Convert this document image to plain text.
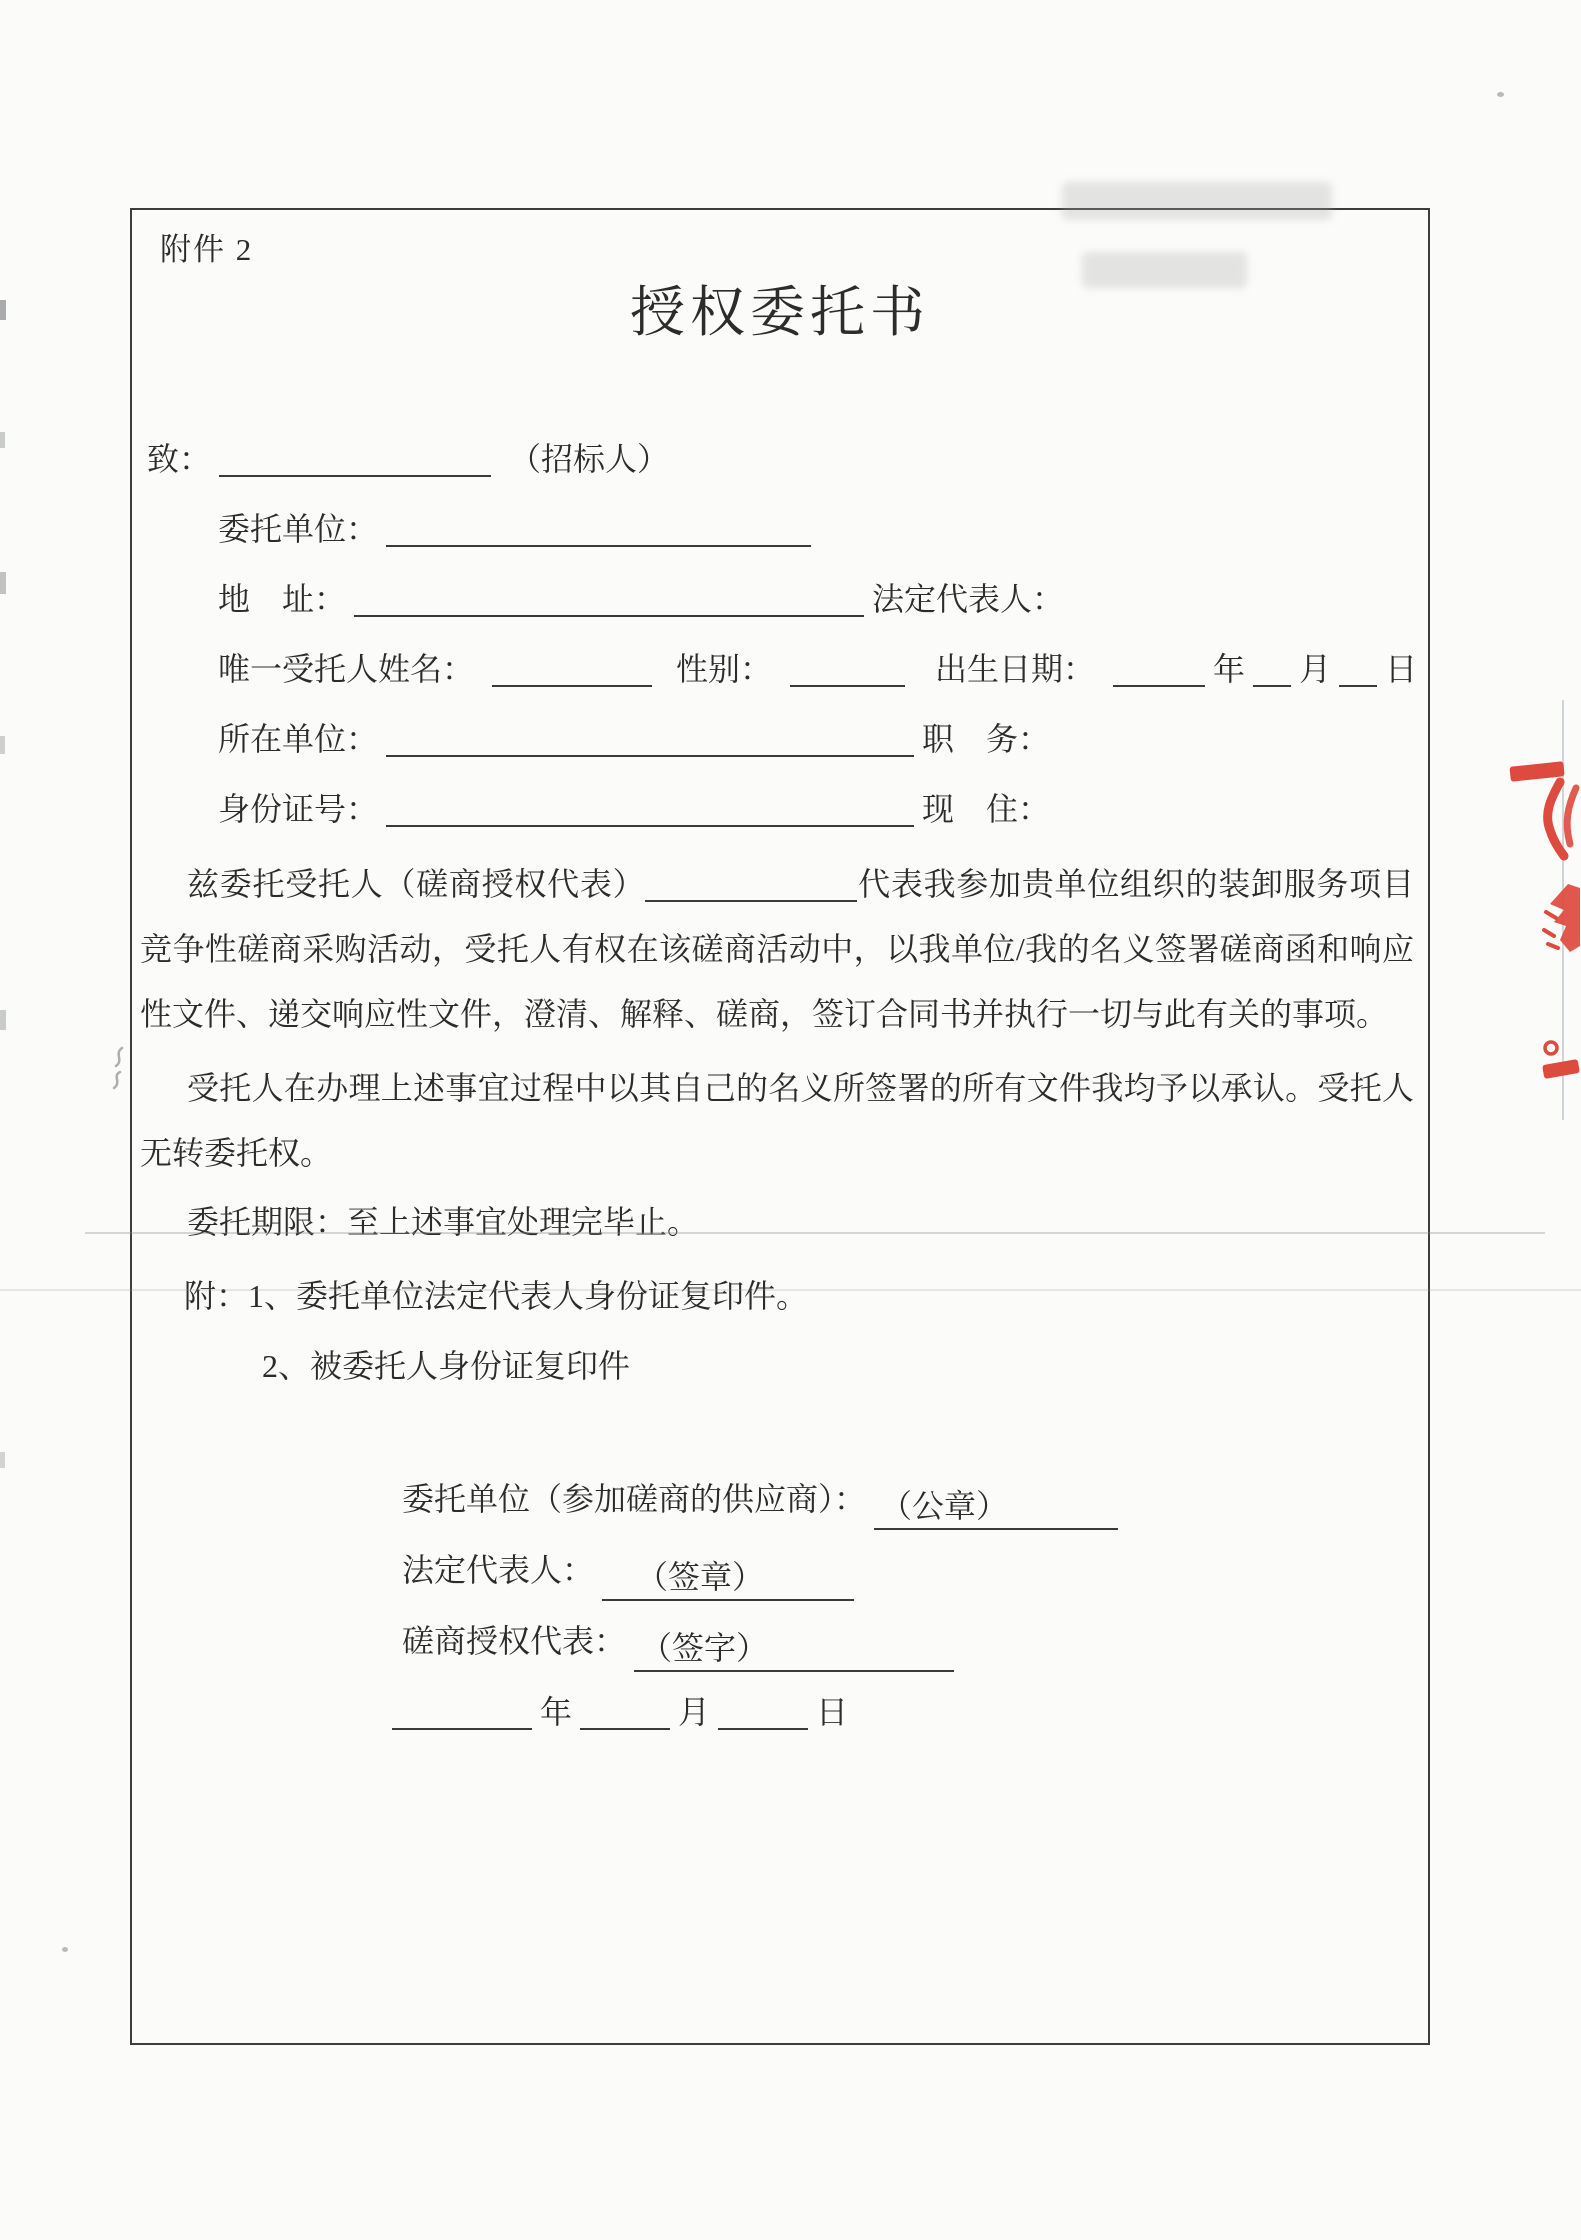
附件 2
授权委托书
致：	（招标人）
委托单位：
地　址：	法定代表人：
唯一受托人姓名：	性别：	出生日期：	年 月 日
所在单位：	职　务：
身份证号：	现　住：
兹委托受托人（磋商授权代表）	代表我参加贵单位组织的装卸服务项目竞争性磋商采购活动，受托人有权在该磋商活动中，以我单位/我的名义签署磋商函和响应性文件、递交响应性文件，澄清、解释、磋商，签订合同书并执行一切与此有关的事项。
受托人在办理上述事宜过程中以其自己的名义所签署的所有文件我均予以承认。受托人无转委托权。
委托期限：至上述事宜处理完毕止。
附：1、委托单位法定代表人身份证复印件。
2、被委托人身份证复印件
委托单位（参加磋商的供应商）： （公章）
法定代表人： （签章）
磋商授权代表： （签字）
年	月	日
